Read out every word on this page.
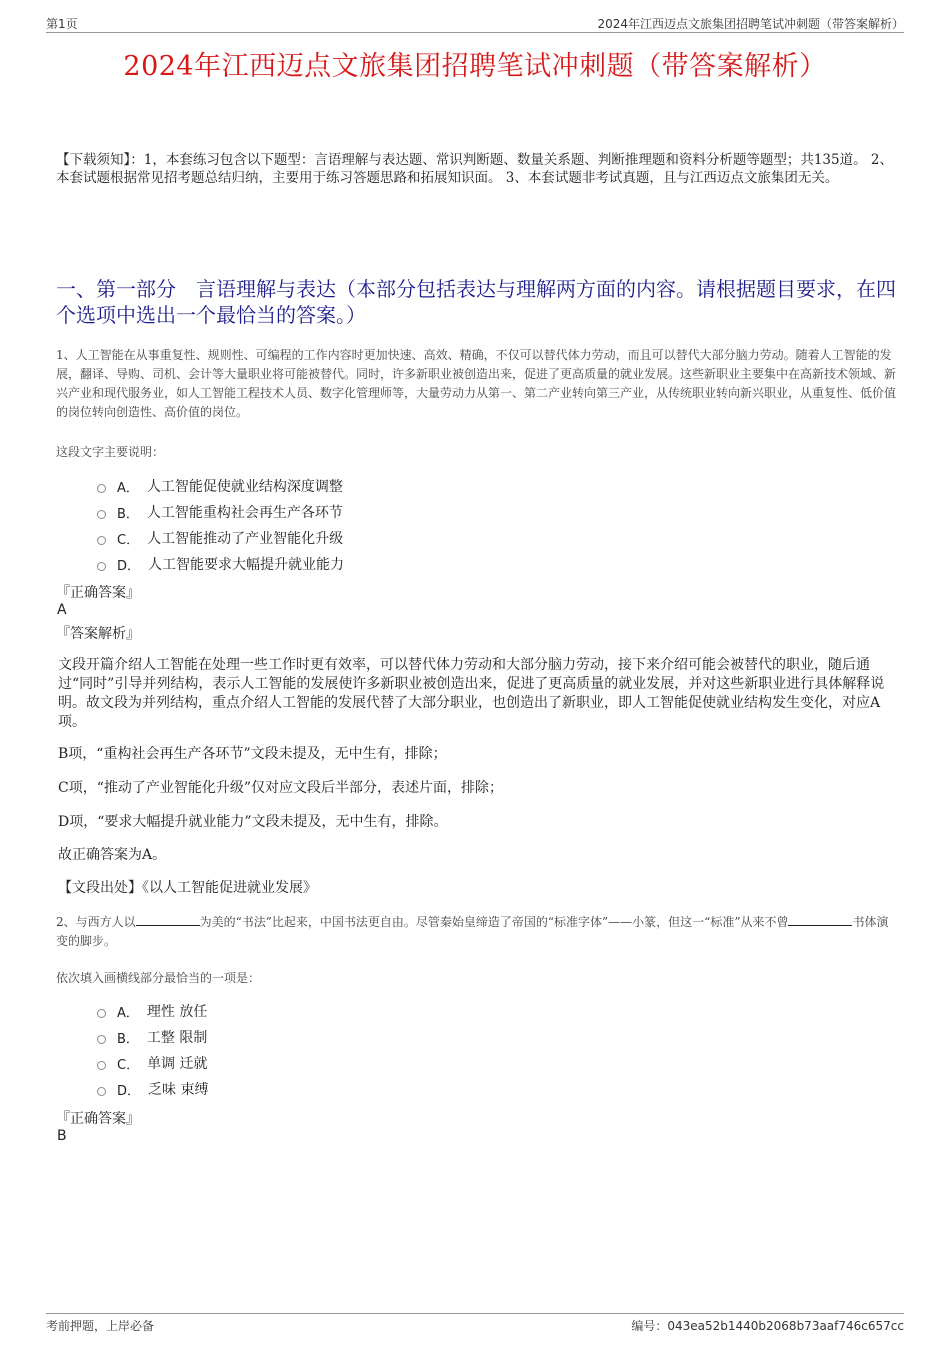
第1页	2024年江西迈点文旅集团招聘笔试冲刺题（带答案解析）
2024年江西迈点文旅集团招聘笔试冲刺题（带答案解析）
【下载须知】：1，本套练习包含以下题型：言语理解与表达题、常识判断题、数量关系题、判断推理题和资料分析题等题型；共135道。 2、本套试题根据常见招考题总结归纳，主要用于练习答题思路和拓展知识面。 3、本套试题非考试真题，且与江西迈点文旅集团无关。
一、第一部分　言语理解与表达（本部分包括表达与理解两方面的内容。请根据题目要求，在四个选项中选出一个最恰当的答案。）
1、人工智能在从事重复性、规则性、可编程的工作内容时更加快速、高效、精确，不仅可以替代体力劳动，而且可以替代大部分脑力劳动。随着人工智能的发展，翻译、导购、司机、会计等大量职业将可能被替代。同时，许多新职业被创造出来，促进了更高质量的就业发展。这些新职业主要集中在高新技术领域、新兴产业和现代服务业，如人工智能工程技术人员、数字化管理师等，大量劳动力从第一、第二产业转向第三产业，从传统职业转向新兴职业，从重复性、低价值的岗位转向创造性、高价值的岗位。
这段文字主要说明：
A． 人工智能促使就业结构深度调整
B． 人工智能重构社会再生产各环节
C． 人工智能推动了产业智能化升级
D． 人工智能要求大幅提升就业能力
『正确答案』
A
『答案解析』
文段开篇介绍人工智能在处理一些工作时更有效率，可以替代体力劳动和大部分脑力劳动，接下来介绍可能会被替代的职业，随后通过“同时”引导并列结构，表示人工智能的发展使许多新职业被创造出来，促进了更高质量的就业发展，并对这些新职业进行具体解释说明。故文段为并列结构，重点介绍人工智能的发展代替了大部分职业，也创造出了新职业，即人工智能促使就业结构发生变化，对应A项。
B项，“重构社会再生产各环节”文段未提及，无中生有，排除；
C项，“推动了产业智能化升级”仅对应文段后半部分，表述片面，排除；
D项，“要求大幅提升就业能力”文段未提及，无中生有，排除。
故正确答案为A。
【文段出处】《以人工智能促进就业发展》
2、与西方人以	为美的“书法”比起来，中国书法更自由。尽管秦始皇缔造了帝国的“标准字体”——小篆，但这一“标准”从来不曾	书体演变的脚步。
依次填入画横线部分最恰当的一项是：
A． 理性 放任
B． 工整 限制
C． 单调 迁就
D． 乏味 束缚
『正确答案』
B
考前押题，上岸必备	编号：043ea52b1440b2068b73aaf746c657cc
